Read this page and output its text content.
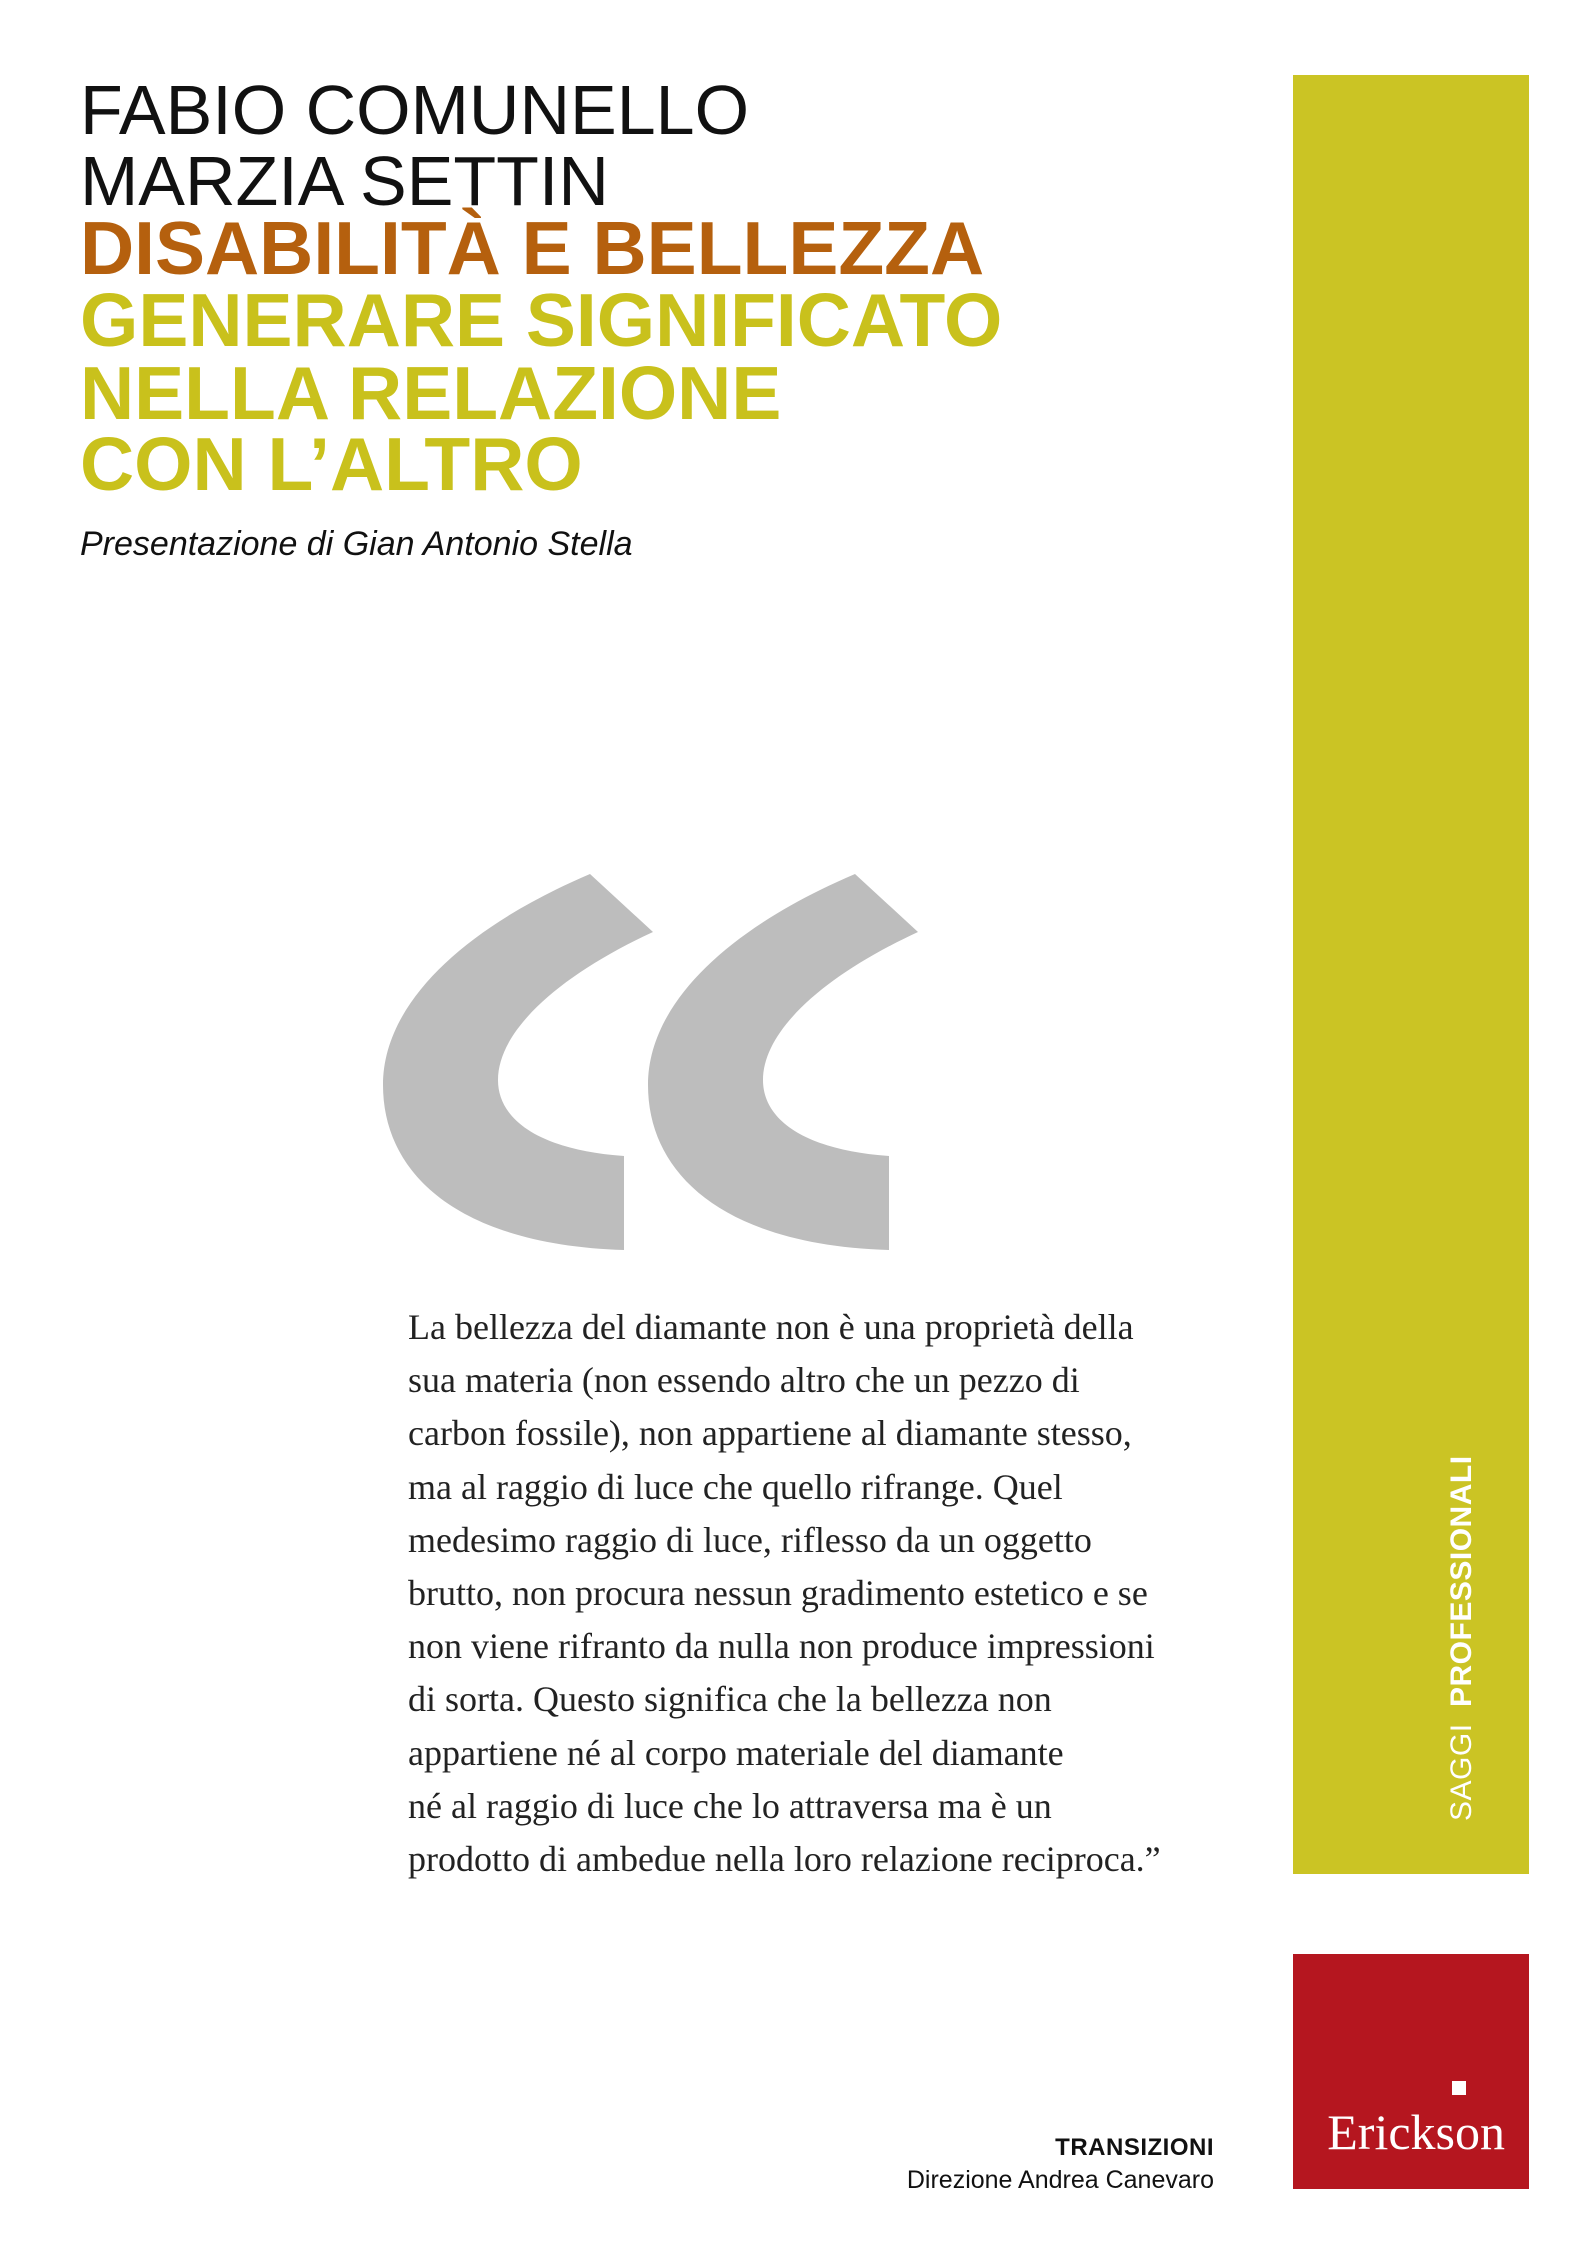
FABIO COMUNELLO
MARZIA SETTIN
DISABILITÀ E BELLEZZA
GENERARE SIGNIFICATO
NELLA RELAZIONE
CON L’ALTRO
Presentazione di Gian Antonio Stella
La bellezza del diamante non è una proprietà della
sua materia (non essendo altro che un pezzo di
carbon fossile), non appartiene al diamante stesso,
ma al raggio di luce che quello rifrange. Quel
medesimo raggio di luce, riflesso da un oggetto
brutto, non procura nessun gradimento estetico e se
non viene rifranto da nulla non produce impressioni
di sorta. Questo significa che la bellezza non
appartiene né al corpo materiale del diamante
né al raggio di luce che lo attraversa ma è un
prodotto di ambedue nella loro relazione reciproca.”
SAGGI PROFESSIONALI
TRANSIZIONI
Direzione Andrea Canevaro
Erickson
